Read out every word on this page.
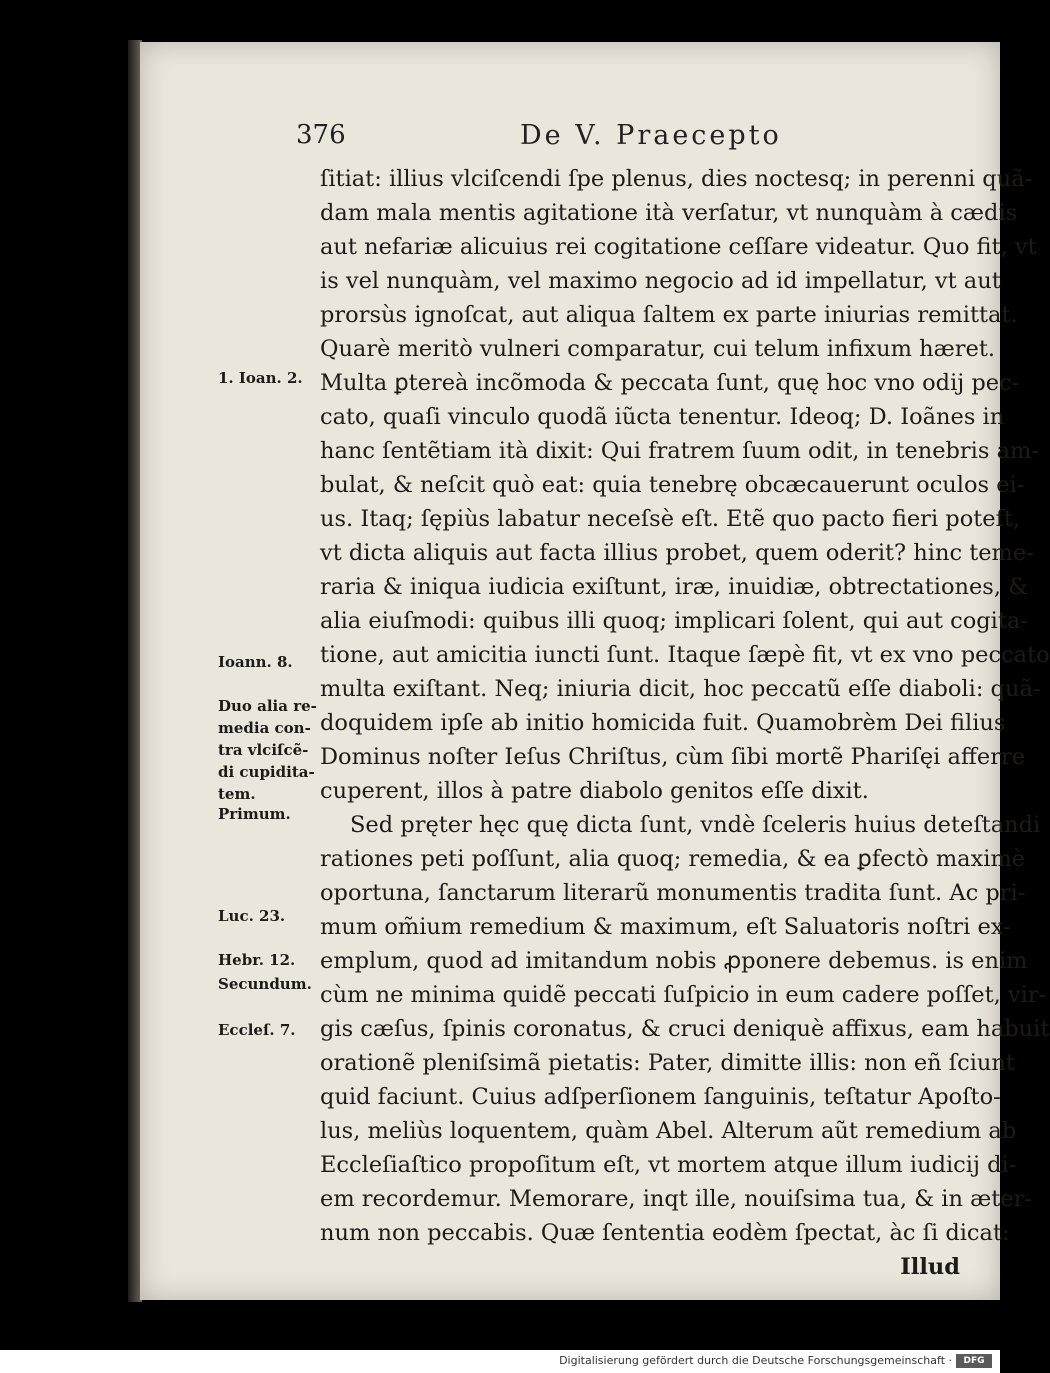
376	De V. Praecepto
ſitiat: illius vlciſcendi ſpe plenus, dies noctesq; in perenni quã-
dam mala mentis agitatione ità verſatur, vt nunquàm à cædis
aut nefariæ alicuius rei cogitatione ceſſare videatur. Quo fit, vt
is vel nunquàm, vel maximo negocio ad id impellatur, vt aut
prorsùs ignoſcat, aut aliqua ſaltem ex parte iniurias remittat.
Quarè meritò vulneri comparatur, cui telum infixum hæret.
Multa ꝑtereà incõmoda & peccata ſunt, quę hoc vno odij pec-
cato, quaſi vinculo quodã iũcta tenentur. Ideoq; D. Ioãnes in
hanc ſentẽtiam ità dixit: Qui fratrem ſuum odit, in tenebris am-
bulat, & neſcit quò eat: quia tenebrę obcæcauerunt oculos ei-
us. Itaq; ſępiùs labatur neceſsè eſt. Etẽ quo pacto fieri poteſt,
vt dicta aliquis aut facta illius probet, quem oderit? hinc teme-
raria & iniqua iudicia exiſtunt, iræ, inuidiæ, obtrectationes, &
alia eiuſmodi: quibus illi quoq; implicari ſolent, qui aut cogita-
tione, aut amicitia iuncti ſunt. Itaque ſæpè fit, vt ex vno peccato
multa exiſtant. Neq; iniuria dicit, hoc peccatũ eſſe diaboli: quã-
doquidem ipſe ab initio homicida fuit. Quamobrèm Dei filius
Dominus noſter Ieſus Chriſtus, cùm ſibi mortẽ Phariſęi afferre
cuperent, illos à patre diabolo genitos eſſe dixit.
Sed pręter hęc quę dicta ſunt, vndè ſceleris huius deteſtandi
rationes peti poſſunt, alia quoq; remedia, & ea ꝑfectò maximè
oportuna, ſanctarum literarũ monumentis tradita ſunt. Ac pri-
mum om̃ium remedium & maximum, eſt Saluatoris noſtri ex-
emplum, quod ad imitandum nobis ꝓponere debemus. is enim
cùm ne minima quidẽ peccati ſuſpicio in eum cadere poſſet, vir-
gis cæſus, ſpinis coronatus, & cruci deniquè affixus, eam habuit
orationẽ pleniſsimã pietatis: Pater, dimitte illis: non eñ ſciunt
quid faciunt. Cuius adſperſionem ſanguinis, teſtatur Apoſto-
lus, meliùs loquentem, quàm Abel. Alterum aũt remedium ab
Eccleſiaſtico propoſitum eſt, vt mortem atque illum iudicij di-
em recordemur. Memorare, inqt ille, nouiſsima tua, & in æter-
num non peccabis. Quæ ſententia eodèm ſpectat, àc ſi dicat:
Illud
1. Ioan. 2.
Ioann. 8.
Duo alia re-
media con-
tra vlciſcẽ-
di cupidita-
tem.
Primum.
Luc. 23.
Hebr. 12.
Secundum.
Eccleſ. 7.
Digitalisierung gefördert durch die Deutsche Forschungsgemeinschaft ·	DFG
